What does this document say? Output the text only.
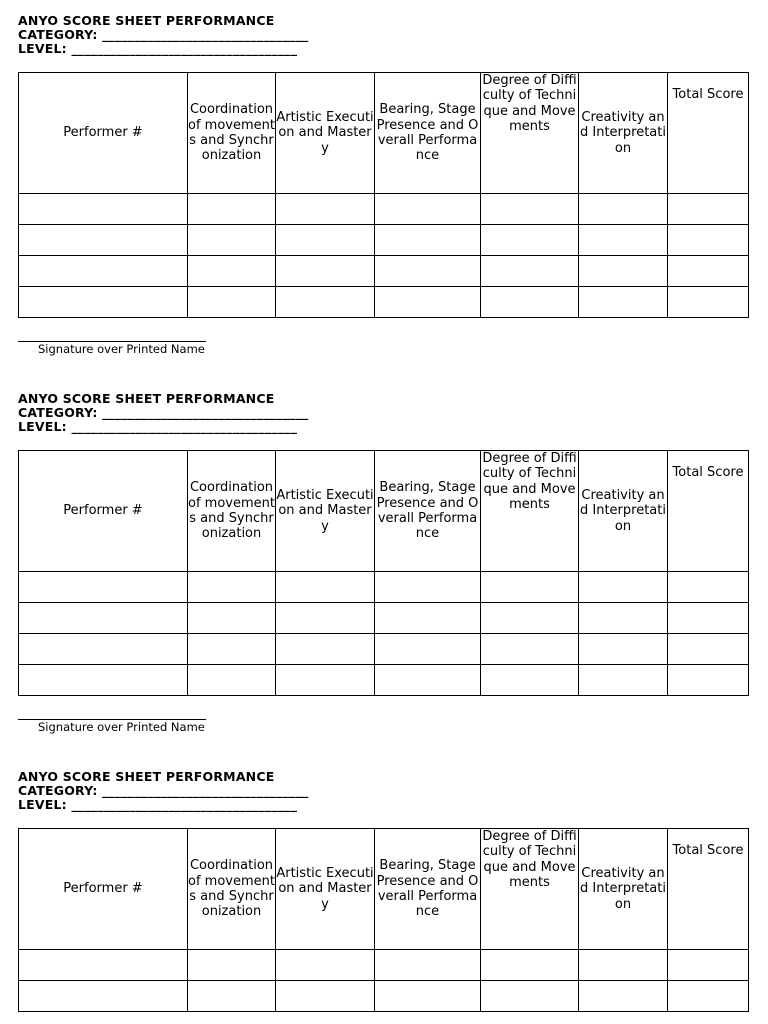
ANYO SCORE SHEET PERFORMANCE
CATEGORY: ________________________________
LEVEL: ___________________________________
Performer #	Coordination of movements and Synchronization	Artistic Execution and Mastery	Bearing, Stage Presence and Overall Performance	Degree of Difficulty of Technique and Movements	Creativity and Interpretation	Total Score

Signature over Printed Name
ANYO SCORE SHEET PERFORMANCE
CATEGORY: ________________________________
LEVEL: ___________________________________
Performer #	Coordination of movements and Synchronization	Artistic Execution and Mastery	Bearing, Stage Presence and Overall Performance	Degree of Difficulty of Technique and Movements	Creativity and Interpretation	Total Score

Signature over Printed Name
ANYO SCORE SHEET PERFORMANCE
CATEGORY: ________________________________
LEVEL: ___________________________________
Performer #	Coordination of movements and Synchronization	Artistic Execution and Mastery	Bearing, Stage Presence and Overall Performance	Degree of Difficulty of Technique and Movements	Creativity and Interpretation	Total Score
